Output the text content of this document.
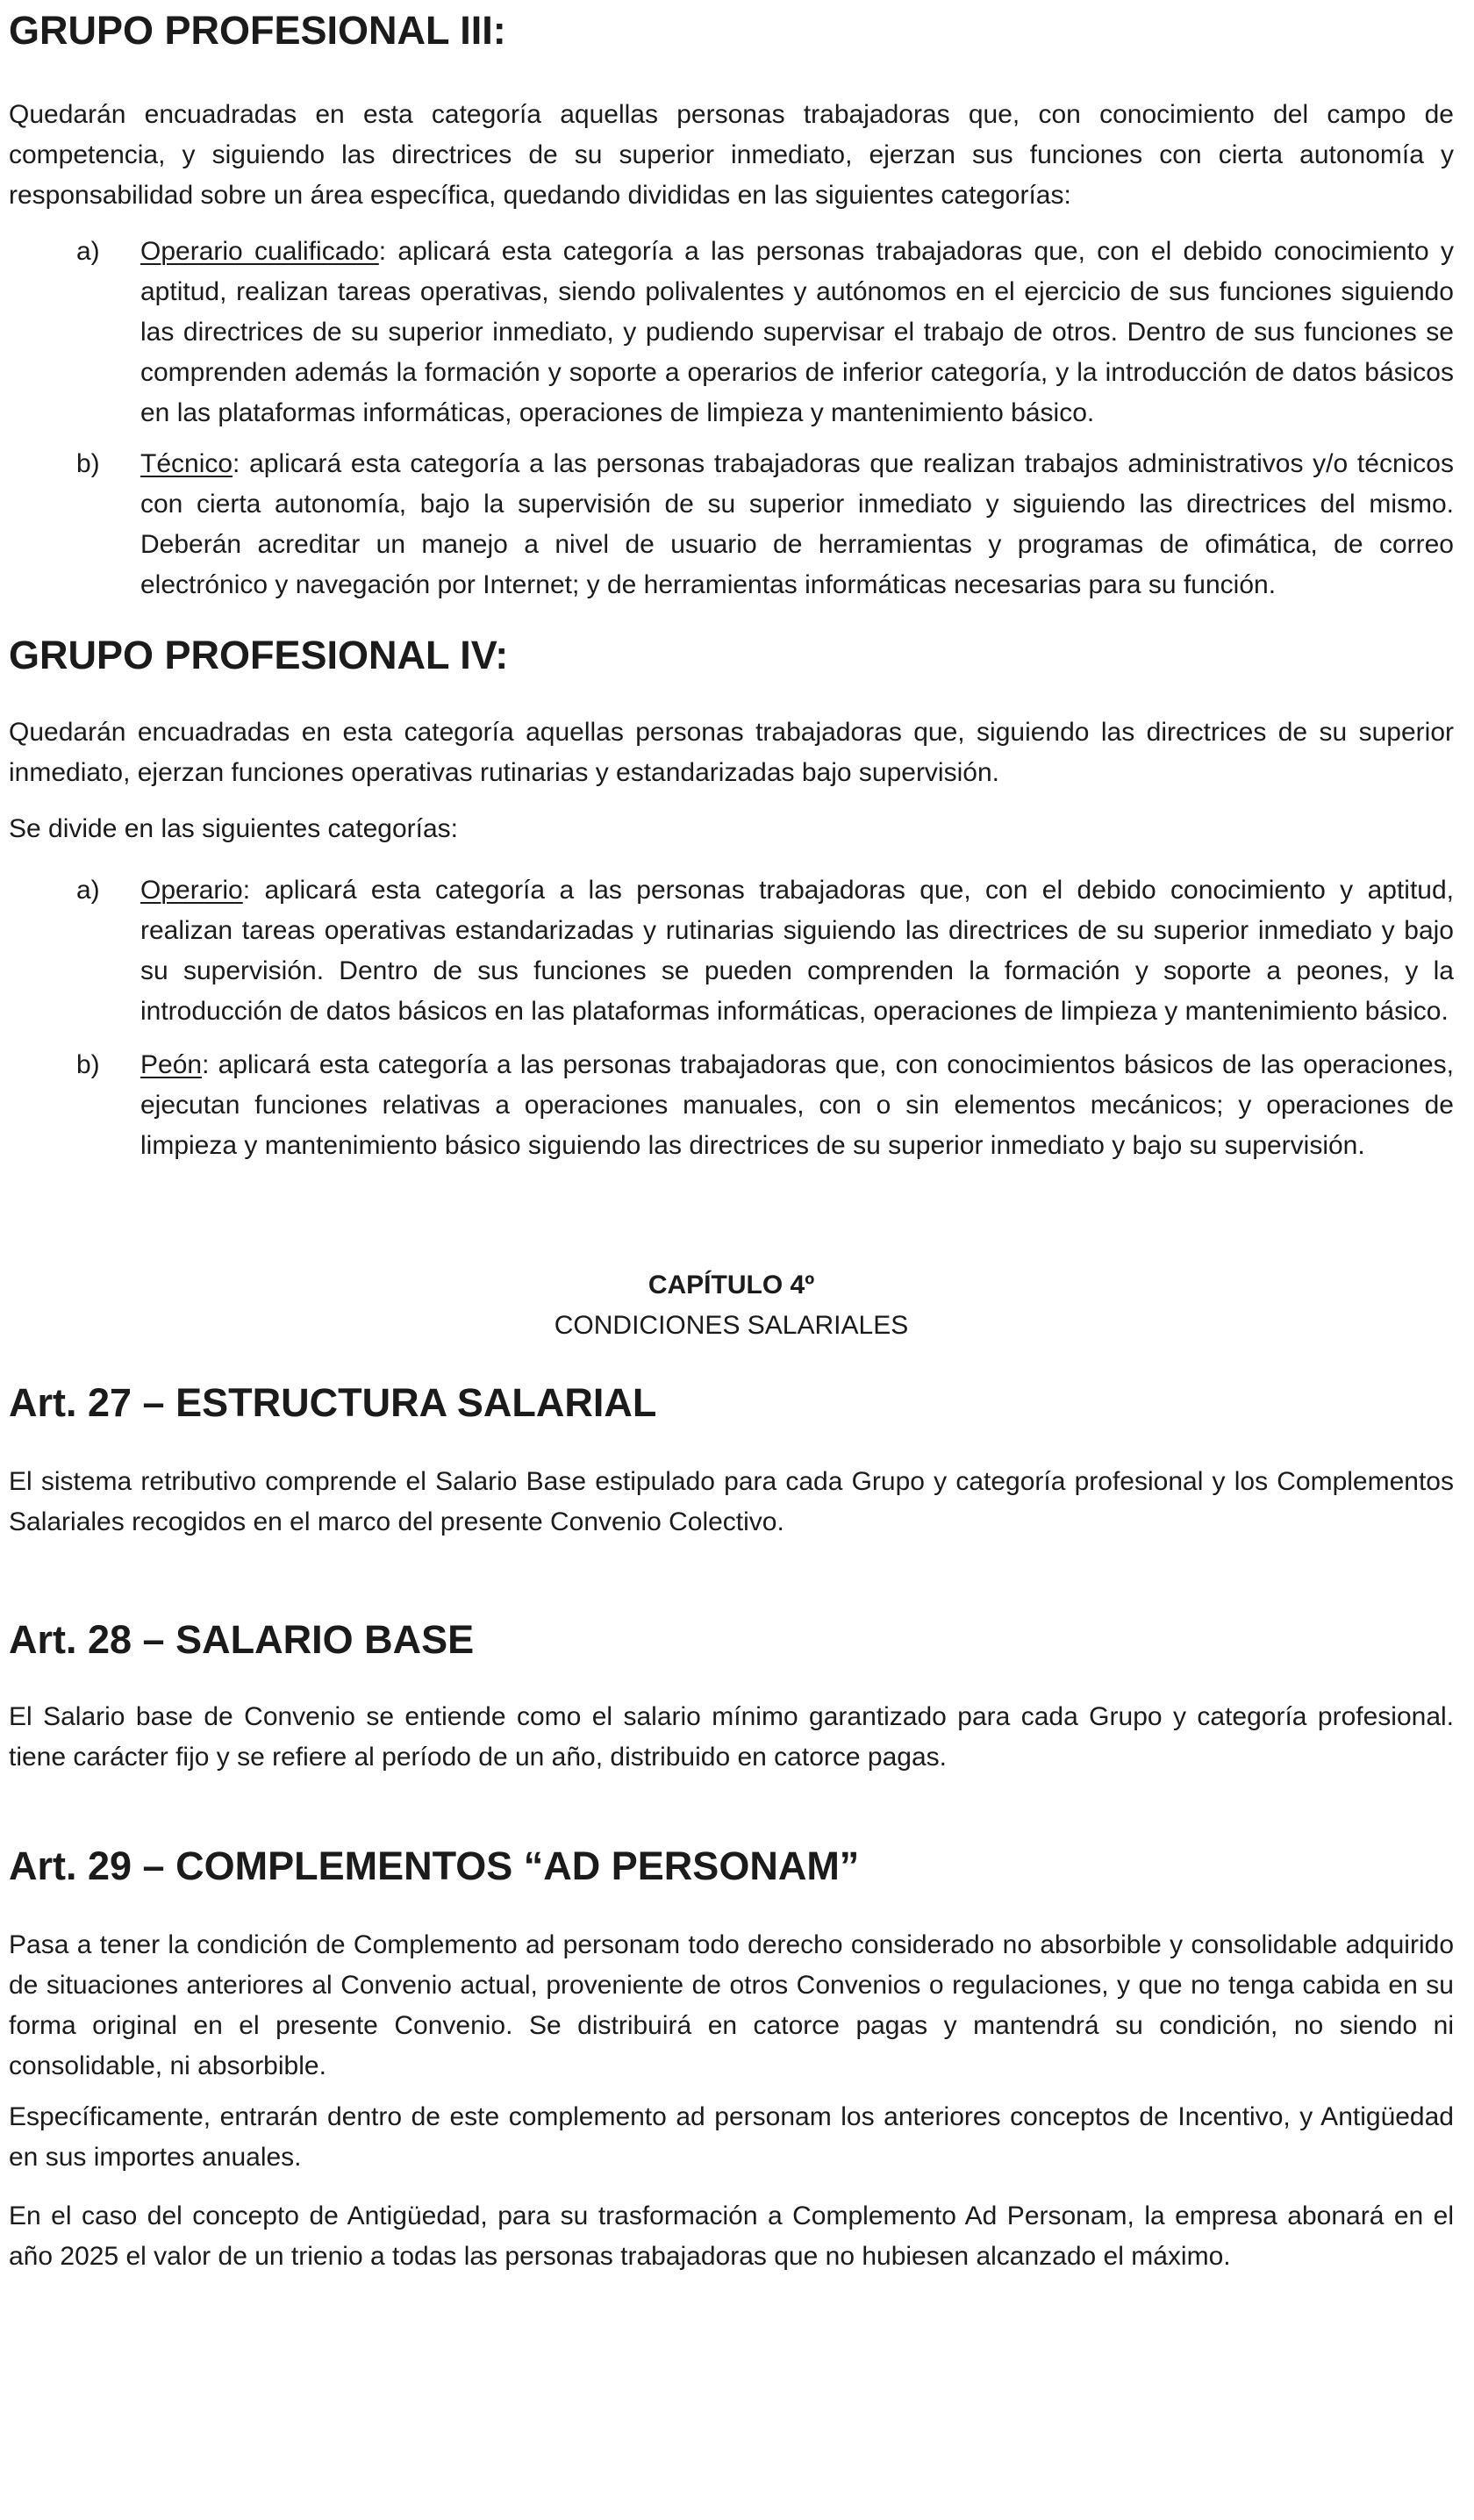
GRUPO PROFESIONAL III:

Quedarán encuadradas en esta categoría aquellas personas trabajadoras que, con conocimiento del campo de competencia, y siguiendo las directrices de su superior inmediato, ejerzan sus funciones con cierta autonomía y responsabilidad sobre un área específica, quedando divididas en las siguientes categorías:

a) Operario cualificado: aplicará esta categoría a las personas trabajadoras que, con el debido conocimiento y aptitud, realizan tareas operativas, siendo polivalentes y autónomos en el ejercicio de sus funciones siguiendo las directrices de su superior inmediato, y pudiendo supervisar el trabajo de otros. Dentro de sus funciones se comprenden además la formación y soporte a operarios de inferior categoría, y la introducción de datos básicos en las plataformas informáticas, operaciones de limpieza y mantenimiento básico.
b) Técnico: aplicará esta categoría a las personas trabajadoras que realizan trabajos administrativos y/o técnicos con cierta autonomía, bajo la supervisión de su superior inmediato y siguiendo las directrices del mismo. Deberán acreditar un manejo a nivel de usuario de herramientas y programas de ofimática, de correo electrónico y navegación por Internet; y de herramientas informáticas necesarias para su función.
GRUPO PROFESIONAL IV:

Quedarán encuadradas en esta categoría aquellas personas trabajadoras que, siguiendo las directrices de su superior inmediato, ejerzan funciones operativas rutinarias y estandarizadas bajo supervisión.

Se divide en las siguientes categorías:

a) Operario: aplicará esta categoría a las personas trabajadoras que, con el debido conocimiento y aptitud, realizan tareas operativas estandarizadas y rutinarias siguiendo las directrices de su superior inmediato y bajo su supervisión. Dentro de sus funciones se pueden comprenden la formación y soporte a peones, y la introducción de datos básicos en las plataformas informáticas, operaciones de limpieza y mantenimiento básico.
b) Peón: aplicará esta categoría a las personas trabajadoras que, con conocimientos básicos de las operaciones, ejecutan funciones relativas a operaciones manuales, con o sin elementos mecánicos; y operaciones de limpieza y mantenimiento básico siguiendo las directrices de su superior inmediato y bajo su supervisión.

CAPÍTULO 4º

CONDICIONES SALARIALES

Art. 27 – ESTRUCTURA SALARIAL

El sistema retributivo comprende el Salario Base estipulado para cada Grupo y categoría profesional y los Complementos Salariales recogidos en el marco del presente Convenio Colectivo.

Art. 28 – SALARIO BASE

El Salario base de Convenio se entiende como el salario mínimo garantizado para cada Grupo y categoría profesional. tiene carácter fijo y se refiere al período de un año, distribuido en catorce pagas.

Art. 29 – COMPLEMENTOS “AD PERSONAM”

Pasa a tener la condición de Complemento ad personam todo derecho considerado no absorbible y consolidable adquirido de situaciones anteriores al Convenio actual, proveniente de otros Convenios o regulaciones, y que no tenga cabida en su forma original en el presente Convenio. Se distribuirá en catorce pagas y mantendrá su condición, no siendo ni consolidable, ni absorbible.

Específicamente, entrarán dentro de este complemento ad personam los anteriores conceptos de Incentivo, y Antigüedad en sus importes anuales.

En el caso del concepto de Antigüedad, para su trasformación a Complemento Ad Personam, la empresa abonará en el año 2025 el valor de un trienio a todas las personas trabajadoras que no hubiesen alcanzado el máximo.
